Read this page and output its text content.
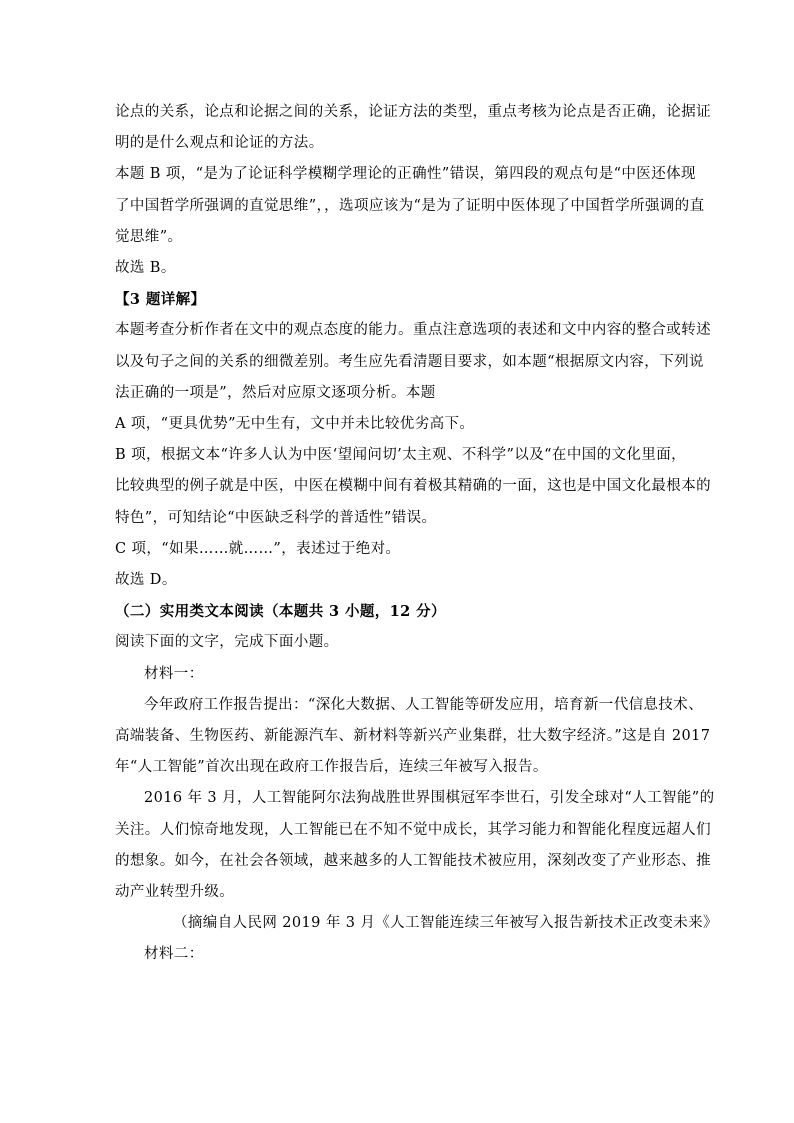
论点的关系，论点和论据之间的关系，论证方法的类型，重点考核为论点是否正确，论据证
明的是什么观点和论证的方法。
本题 B 项，“是为了论证科学模糊学理论的正确性”错误，第四段的观点句是“中医还体现
了中国哲学所强调的直觉思维”，，选项应该为“是为了证明中医体现了中国哲学所强调的直
觉思维”。
故选 B。
【3 题详解】
本题考查分析作者在文中的观点态度的能力。重点注意选项的表述和文中内容的整合或转述
以及句子之间的关系的细微差别。考生应先看清题目要求，如本题“根据原文内容，下列说
法正确的一项是”，然后对应原文逐项分析。本题
A 项，“更具优势”无中生有，文中并未比较优劣高下。
B 项，根据文本“许多人认为中医‘望闻问切’太主观、不科学”以及“在中国的文化里面，
比较典型的例子就是中医，中医在模糊中间有着极其精确的一面，这也是中国文化最根本的
特色”，可知结论“中医缺乏科学的普适性”错误。
C 项，“如果……就……”，表述过于绝对。
故选 D。
（二）实用类文本阅读（本题共 3 小题，12 分）
阅读下面的文字，完成下面小题。
材料一：
今年政府工作报告提出：“深化大数据、人工智能等研发应用，培育新一代信息技术、
高端装备、生物医药、新能源汽车、新材料等新兴产业集群，壮大数字经济。”这是自 2017
年“人工智能”首次出现在政府工作报告后，连续三年被写入报告。
2016 年 3 月，人工智能阿尔法狗战胜世界围棋冠军李世石，引发全球对“人工智能”的
关注。人们惊奇地发现，人工智能已在不知不觉中成长，其学习能力和智能化程度远超人们
的想象。如今，在社会各领域，越来越多的人工智能技术被应用，深刻改变了产业形态、推
动产业转型升级。
（摘编自人民网 2019 年 3 月《人工智能连续三年被写入报告新技术正改变未来》
材料二：
